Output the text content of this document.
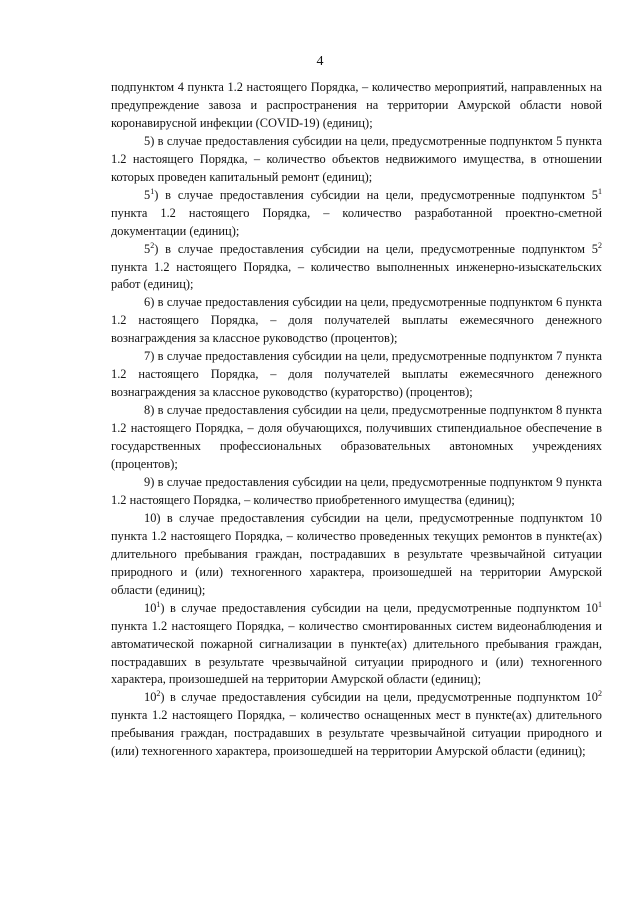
4

подпунктом 4 пункта 1.2 настоящего Порядка, – количество мероприятий, направленных на предупреждение завоза и распространения на территории Амурской области новой коронавирусной инфекции (COVID-19) (единиц);

5) в случае предоставления субсидии на цели, предусмотренные подпунктом 5 пункта 1.2 настоящего Порядка, – количество объектов недвижимого имущества, в отношении которых проведен капитальный ремонт (единиц);

$5^1$) в случае предоставления субсидии на цели, предусмотренные подпунктом $5^1$ пункта 1.2 настоящего Порядка, – количество разработанной проектно-сметной документации (единиц);

$5^2$) в случае предоставления субсидии на цели, предусмотренные подпунктом $5^2$ пункта 1.2 настоящего Порядка, – количество выполненных инженерно-изыскательских работ (единиц);

6) в случае предоставления субсидии на цели, предусмотренные подпунктом 6 пункта 1.2 настоящего Порядка, – доля получателей выплаты ежемесячного денежного вознаграждения за классное руководство (процентов);

7) в случае предоставления субсидии на цели, предусмотренные подпунктом 7 пункта 1.2 настоящего Порядка, – доля получателей выплаты ежемесячного денежного вознаграждения за классное руководство (кураторство) (процентов);

8) в случае предоставления субсидии на цели, предусмотренные подпунктом 8 пункта 1.2 настоящего Порядка, – доля обучающихся, получивших стипендиальное обеспечение в государственных профессиональных образовательных автономных учреждениях (процентов);

9) в случае предоставления субсидии на цели, предусмотренные подпунктом 9 пункта 1.2 настоящего Порядка, – количество приобретенного имущества (единиц);

10) в случае предоставления субсидии на цели, предусмотренные подпунктом 10 пункта 1.2 настоящего Порядка, – количество проведенных текущих ремонтов в пункте(ах) длительного пребывания граждан, пострадавших в результате чрезвычайной ситуации природного и (или) техногенного характера, произошедшей на территории Амурской области (единиц);

$10^1$) в случае предоставления субсидии на цели, предусмотренные подпунктом $10^1$ пункта 1.2 настоящего Порядка, – количество смонтированных систем видеонаблюдения и автоматической пожарной сигнализации в пункте(ах) длительного пребывания граждан, пострадавших в результате чрезвычайной ситуации природного и (или) техногенного характера, произошедшей на территории Амурской области (единиц);

$10^2$) в случае предоставления субсидии на цели, предусмотренные подпунктом $10^2$ пункта 1.2 настоящего Порядка, – количество оснащенных мест в пункте(ах) длительного пребывания граждан, пострадавших в результате чрезвычайной ситуации природного и (или) техногенного характера, произошедшей на территории Амурской области (единиц);
